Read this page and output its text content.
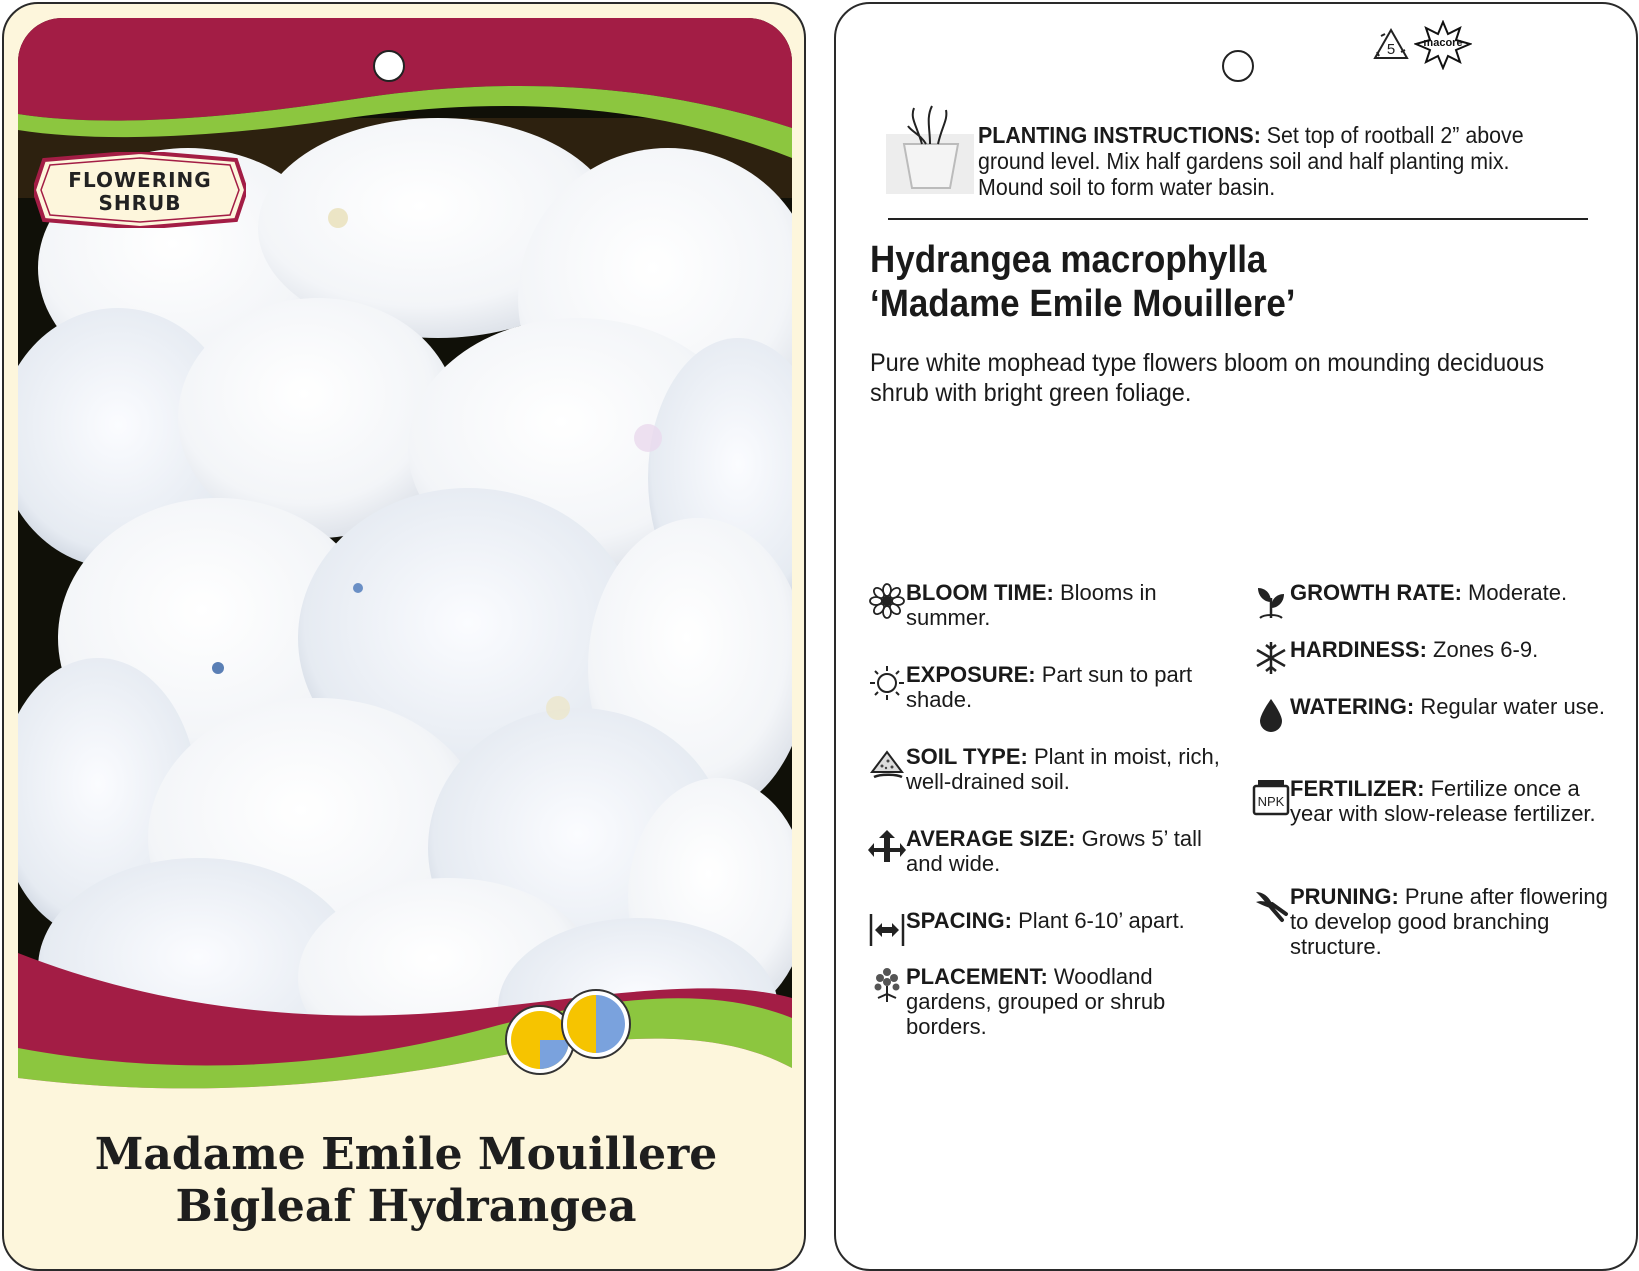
FLOWERING
SHRUB
Madame Emile Mouillere
Bigleaf Hydrangea
5	macore
PLANTING INSTRUCTIONS: Set top of rootball 2” above ground level. Mix half gardens soil and half planting mix. Mound soil to form water basin.
Hydrangea macrophylla
‘Madame Emile Mouillere’
Pure white mophead type flowers bloom on mounding deciduous shrub with bright green foliage.
BLOOM TIME: Blooms in summer.
EXPOSURE: Part sun to part shade.
SOIL TYPE: Plant in moist, rich, well-drained soil.
AVERAGE SIZE: Grows 5’ tall and wide.
SPACING: Plant 6-10’ apart.
PLACEMENT: Woodland gardens, grouped or shrub borders.
GROWTH RATE: Moderate.
HARDINESS: Zones 6-9.
WATERING: Regular water use.
NPK
FERTILIZER: Fertilize once a year with slow-release fertilizer.
PRUNING: Prune after flowering to develop good branching structure.
